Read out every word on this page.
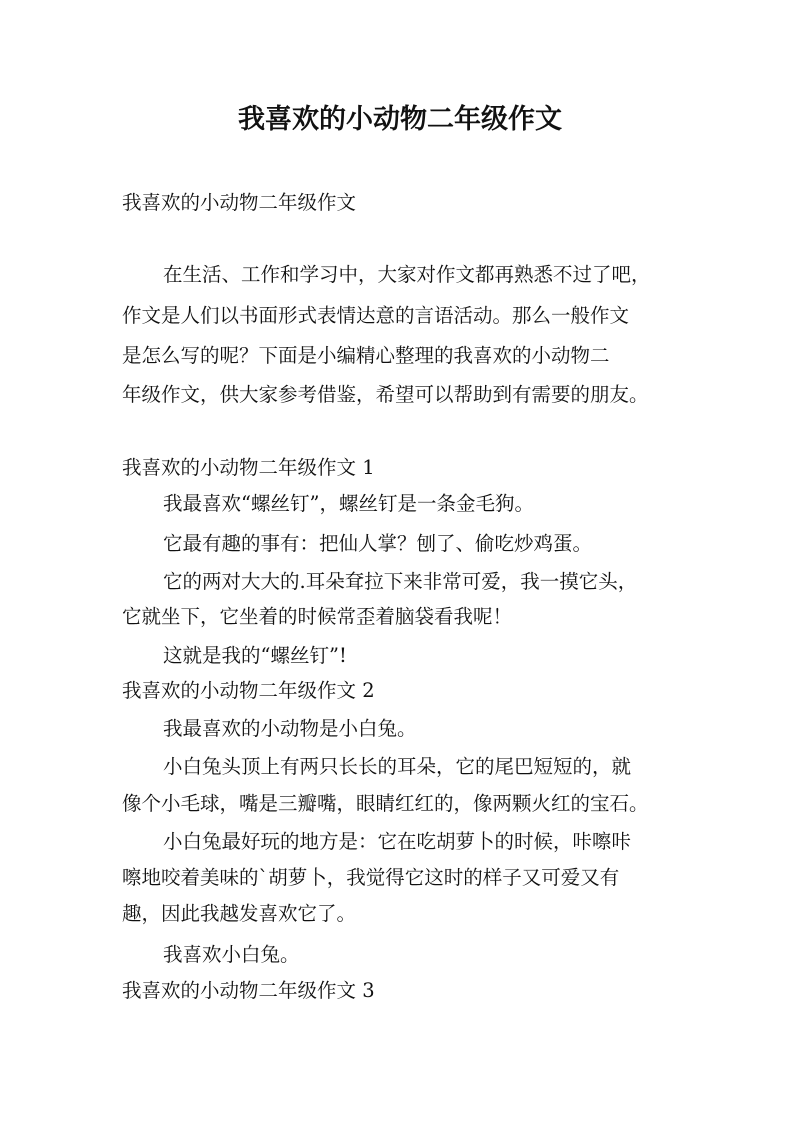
我喜欢的小动物二年级作文
我喜欢的小动物二年级作文
在生活、工作和学习中，大家对作文都再熟悉不过了吧，
作文是人们以书面形式表情达意的言语活动。那么一般作文
是怎么写的呢？下面是小编精心整理的我喜欢的小动物二
年级作文，供大家参考借鉴，希望可以帮助到有需要的朋友。
我喜欢的小动物二年级作文 1
我最喜欢“螺丝钉”，螺丝钉是一条金毛狗。
它最有趣的事有：把仙人掌？刨了、偷吃炒鸡蛋。
它的两对大大的.耳朵耷拉下来非常可爱，我一摸它头，
它就坐下，它坐着的时候常歪着脑袋看我呢！
这就是我的“螺丝钉”!
我喜欢的小动物二年级作文 2
我最喜欢的小动物是小白兔。
小白兔头顶上有两只长长的耳朵，它的尾巴短短的，就
像个小毛球，嘴是三瓣嘴，眼睛红红的，像两颗火红的宝石。
小白兔最好玩的地方是：它在吃胡萝卜的时候，咔嚓咔
嚓地咬着美味的`胡萝卜，我觉得它这时的样子又可爱又有
趣，因此我越发喜欢它了。
我喜欢小白兔。
我喜欢的小动物二年级作文 3
